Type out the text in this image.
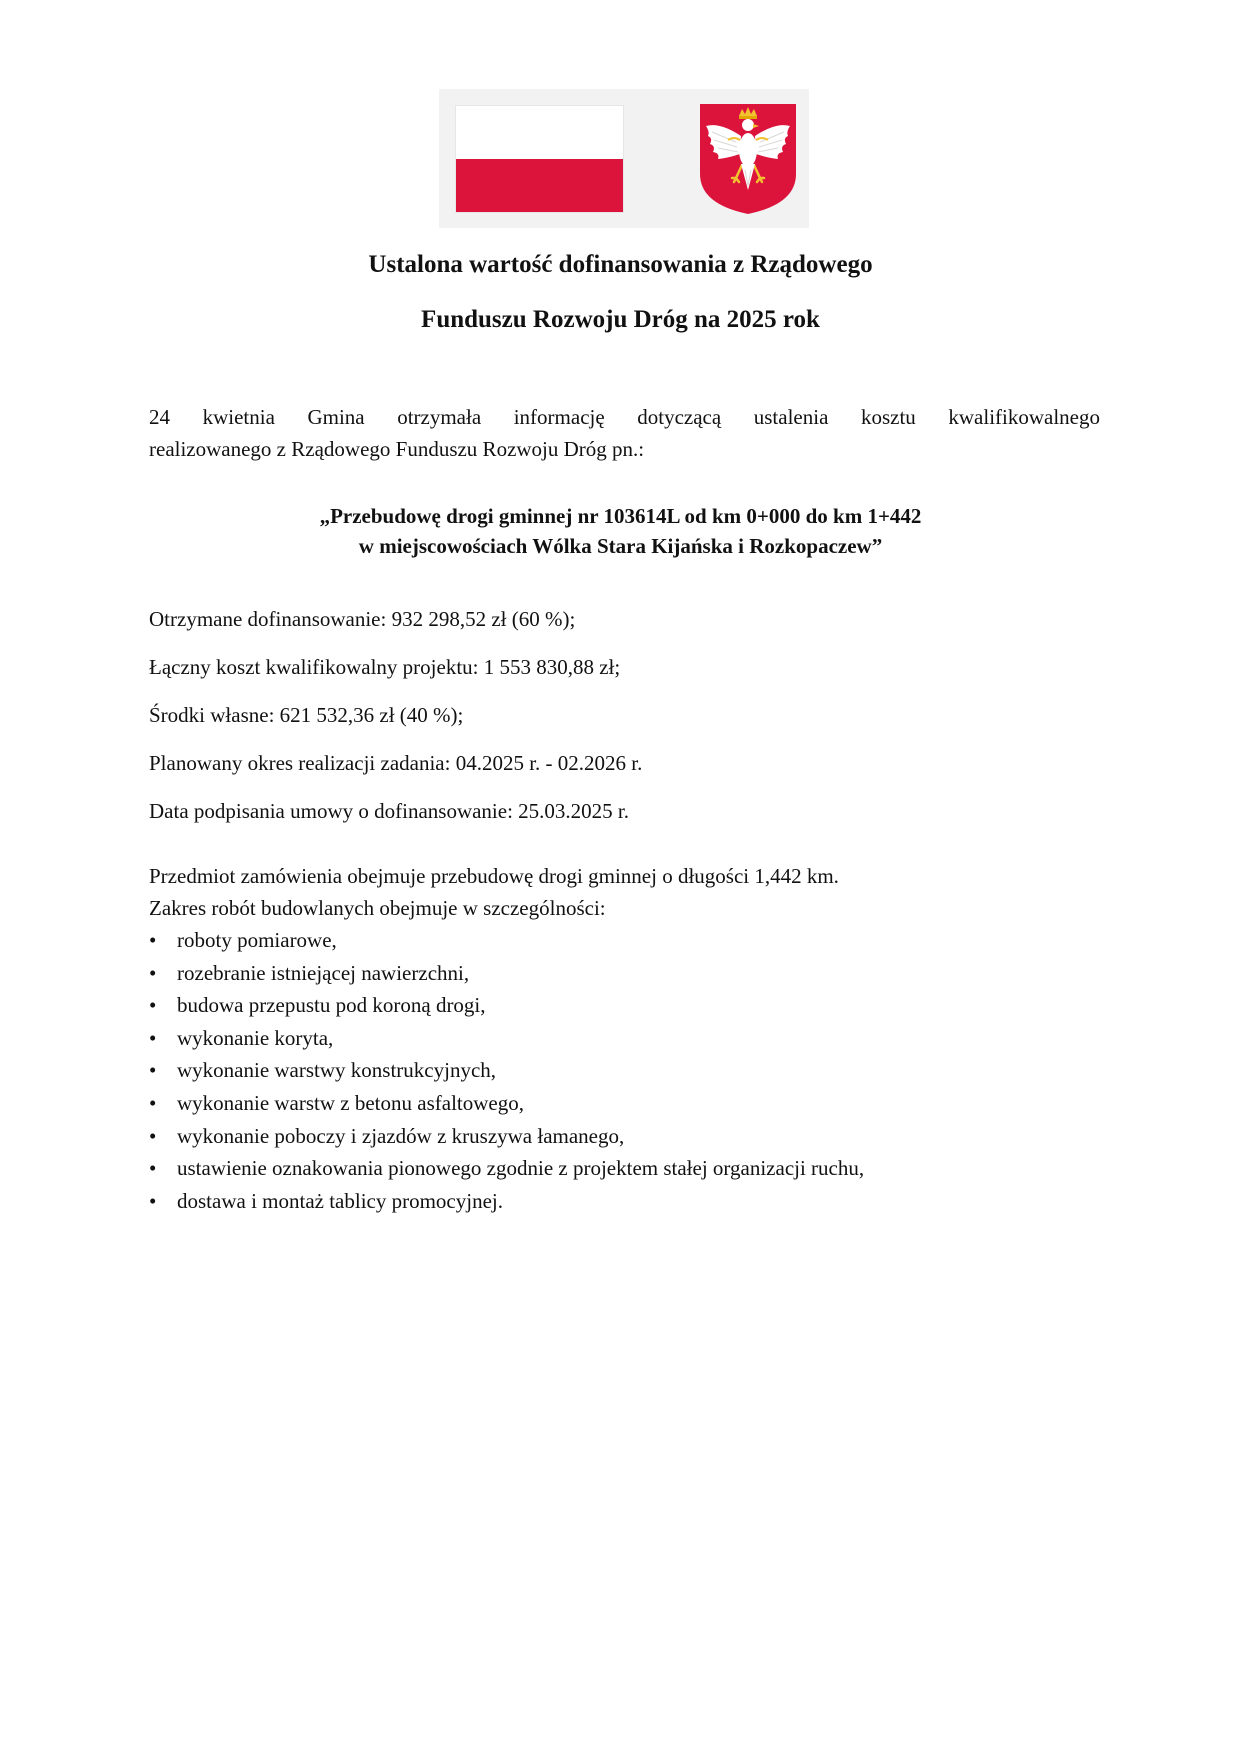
Ustalona wartość dofinansowania z Rządowego
Funduszu Rozwoju Dróg na 2025 rok

24 kwietnia Gmina otrzymała informację dotyczącą ustalenia kosztu kwalifikowalnego
realizowanego z Rządowego Funduszu Rozwoju Dróg pn.:

„Przebudowę drogi gminnej nr 103614L od km 0+000 do km 1+442
w miejscowościach Wólka Stara Kijańska i Rozkopaczew”
Otrzymane dofinansowanie: 932 298,52 zł (60 %);
Łączny koszt kwalifikowalny projektu: 1 553 830,88 zł;
Środki własne: 621 532,36 zł (40 %);
Planowany okres realizacji zadania: 04.2025 r. - 02.2026 r.
Data podpisania umowy o dofinansowanie: 25.03.2025 r.

Przedmiot zamówienia obejmuje przebudowę drogi gminnej o długości 1,442 km.

Zakres robót budowlanych obejmuje w szczególności:

• roboty pomiarowe,
• rozebranie istniejącej nawierzchni,
• budowa przepustu pod koroną drogi,
• wykonanie koryta,
• wykonanie warstwy konstrukcyjnych,
• wykonanie warstw z betonu asfaltowego,
• wykonanie poboczy i zjazdów z kruszywa łamanego,
• ustawienie oznakowania pionowego zgodnie z projektem stałej organizacji ruchu,
• dostawa i montaż tablicy promocyjnej.
